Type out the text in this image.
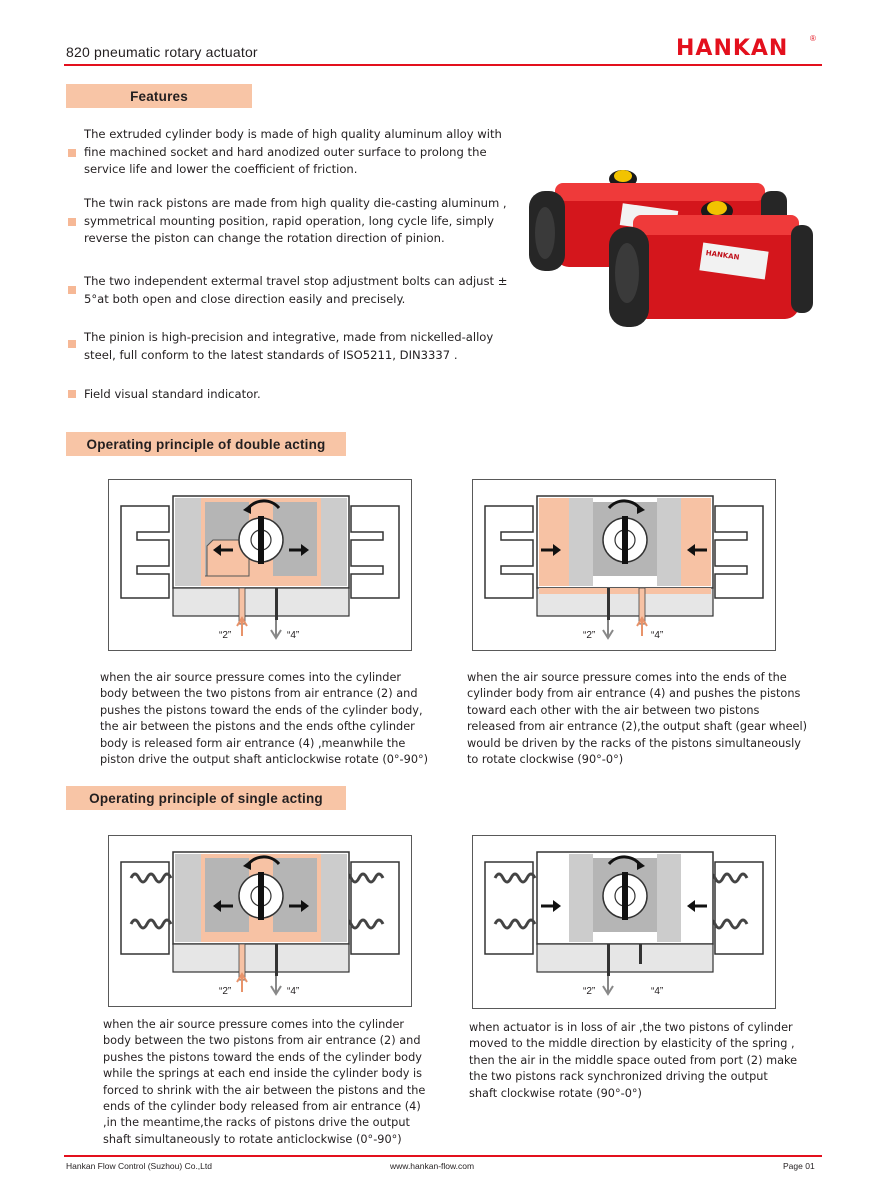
820 pneumatic rotary actuator	HANKAN	®
Features
The extruded cylinder body is made of high quality aluminum alloy with
fine machined socket and hard anodized outer surface to prolong the
service life and lower the coefficient of friction.
The twin rack pistons are made from high quality die-casting aluminum ,
symmetrical mounting position, rapid operation, long cycle life, simply
reverse the piston can change the rotation direction of pinion.
The two independent extermal travel stop adjustment bolts can adjust ±
5°at both open and close direction easily and precisely.
The pinion is high-precision and integrative, made from nickelled-alloy
steel, full conform to the latest standards of ISO5211, DIN3337 .
Field visual standard indicator.
HANKAN
Operating principle of double acting
“2”	“4”	“2”	“4”
when the air source pressure comes into the cylinder
body between the two pistons from air entrance (2) and
pushes the pistons toward the ends of the cylinder body,
the air between the pistons and the ends ofthe cylinder
body is released form air entrance (4) ,meanwhile the
piston drive the output shaft anticlockwise rotate (0°-90°)
when the air source pressure comes into the ends of the
cylinder body from air entrance (4) and pushes the pistons
toward each other with the air between two pistons
released from air entrance (2),the output shaft (gear wheel)
would be driven by the racks of the pistons simultaneously
to rotate clockwise (90°-0°)
Operating principle of single acting
“2”	“4”	“2”	“4”
when the air source pressure comes into the cylinder
body between the two pistons from air entrance (2) and
pushes the pistons toward the ends of the cylinder body
while the springs at each end inside the cylinder body is
forced to shrink with the air between the pistons and the
ends of the cylinder body released from air entrance (4)
,in the meantime,the racks of pistons drive the output
shaft simultaneously to rotate anticlockwise (0°-90°)
when actuator is in loss of air ,the two pistons of cylinder
moved to the middle direction by elasticity of the spring ,
then the air in the middle space outed from port (2) make
the two pistons rack synchronized driving the output
shaft clockwise rotate (90°-0°)
Hankan Flow Control (Suzhou) Co.,Ltd	www.hankan-flow.com	Page 01
